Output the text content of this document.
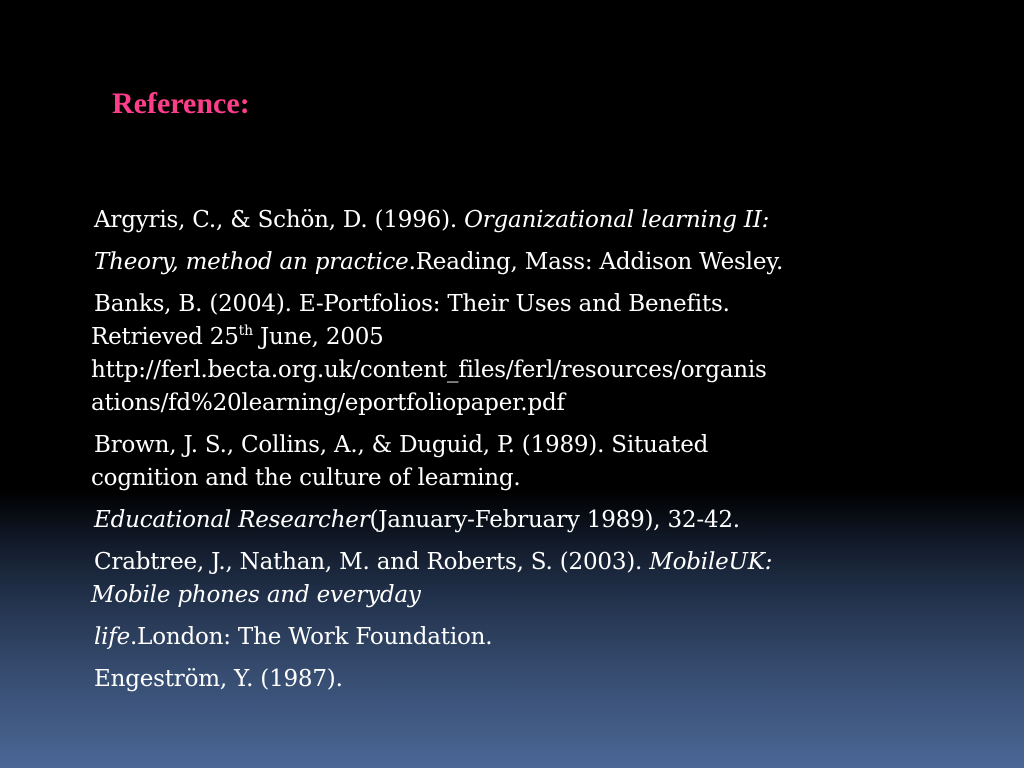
Reference:

Argyris, C., & Schön, D. (1996). Organizational learning II:

Theory, method an practice.Reading, Mass: Addison Wesley.

Banks, B. (2004). E-Portfolios: Their Uses and Benefits.

Retrieved 25th June, 2005

http://ferl.becta.org.uk/content_files/ferl/resources/organis

ations/fd%20learning/eportfoliopaper.pdf

Brown, J. S., Collins, A., & Duguid, P. (1989). Situated

cognition and the culture of learning.

Educational Researcher(January-February 1989), 32-42.

Crabtree, J., Nathan, M. and Roberts, S. (2003). MobileUK:

Mobile phones and everyday

life.London: The Work Foundation.

Engeström, Y. (1987).
